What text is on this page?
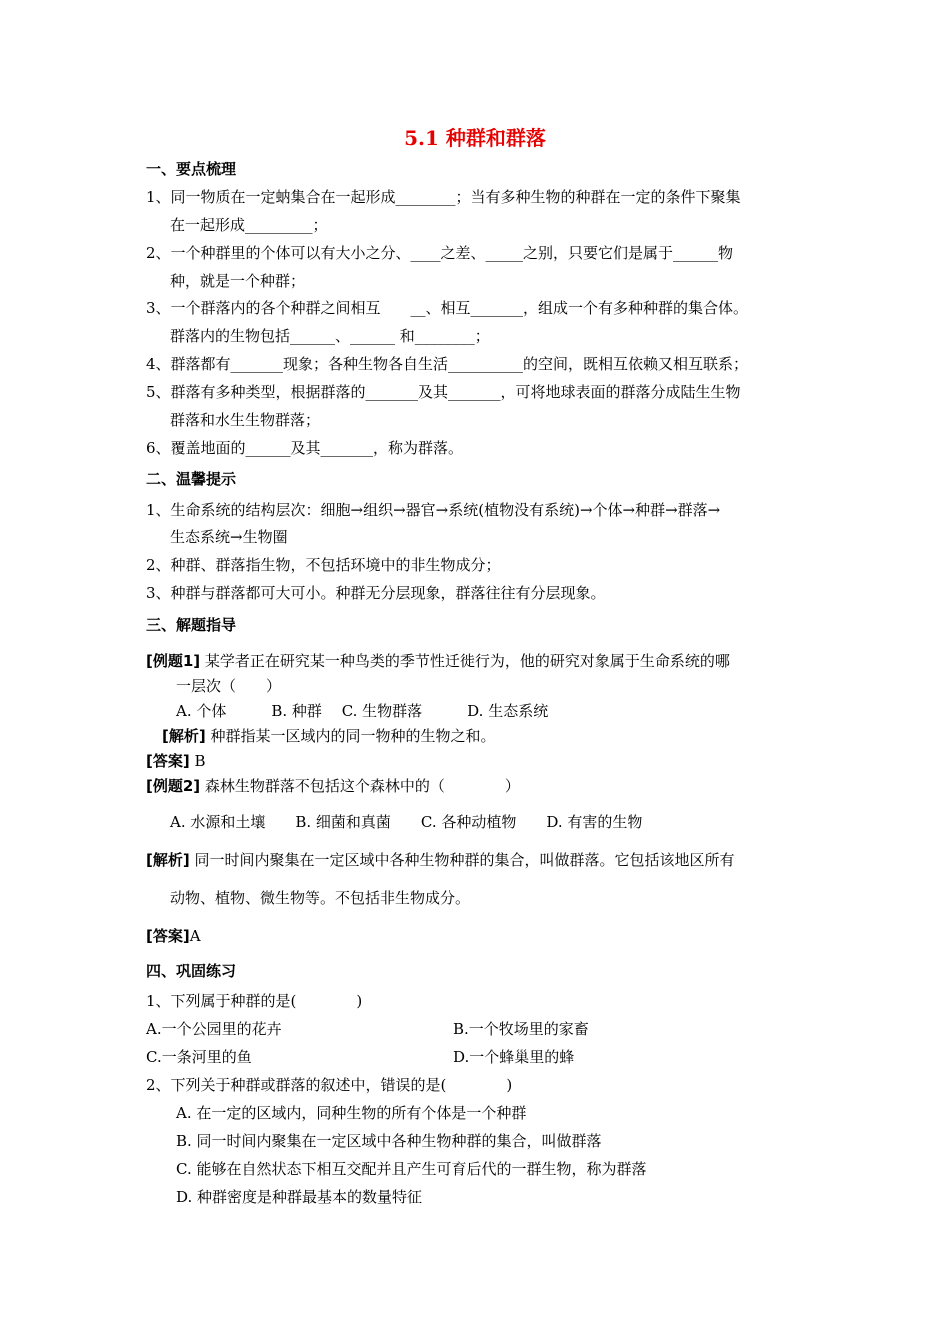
5.1 种群和群落
一、要点梳理
1、同一物质在一定蚋集合在一起形成________；当有多种生物的种群在一定的条件下聚集
在一起形成_________；
2、一个种群里的个体可以有大小之分、____之差、_____之别，只要它们是属于______物
种，就是一个种群；
3、一个群落内的各个种群之间相互　　__、相互_______，组成一个有多种种群的集合体。
群落内的生物包括______、______ 和________；
4、群落都有_______现象；各种生物各自生活__________的空间，既相互依赖又相互联系；
5、群落有多种类型，根据群落的_______及其_______，可将地球表面的群落分成陆生生物
群落和水生生物群落；
6、覆盖地面的______及其_______，称为群落。
二、温馨提示
1、生命系统的结构层次：细胞→组织→器官→系统(植物没有系统)→个体→种群→群落→
生态系统→生物圈
2、种群、群落指生物，不包括环境中的非生物成分；
3、种群与群落都可大可小。种群无分层现象，群落往往有分层现象。
三、解题指导
[例题1] 某学者正在研究某一种鸟类的季节性迁徙行为，他的研究对象属于生命系统的哪
一层次（　　）
A. 个体　　　B. 种群　 C. 生物群落　　　D. 生态系统
[解析] 种群指某一区域内的同一物种的生物之和。
[答案] B
[例题2] 森林生物群落不包括这个森林中的（　　　　）
A. 水源和土壤　　B. 细菌和真菌　　C. 各种动植物　　D. 有害的生物
[解析] 同一时间内聚集在一定区域中各种生物种群的集合，叫做群落。它包括该地区所有
动物、植物、微生物等。不包括非生物成分。
[答案]A
四、巩固练习
1、下列属于种群的是(　　　　)
A.一个公园里的花卉	B.一个牧场里的家畜
C.一条河里的鱼	D.一个蜂巢里的蜂
2、下列关于种群或群落的叙述中，错误的是(　　　　)
A. 在一定的区域内，同种生物的所有个体是一个种群
B. 同一时间内聚集在一定区域中各种生物种群的集合，叫做群落
C. 能够在自然状态下相互交配并且产生可育后代的一群生物，称为群落
D. 种群密度是种群最基本的数量特征
